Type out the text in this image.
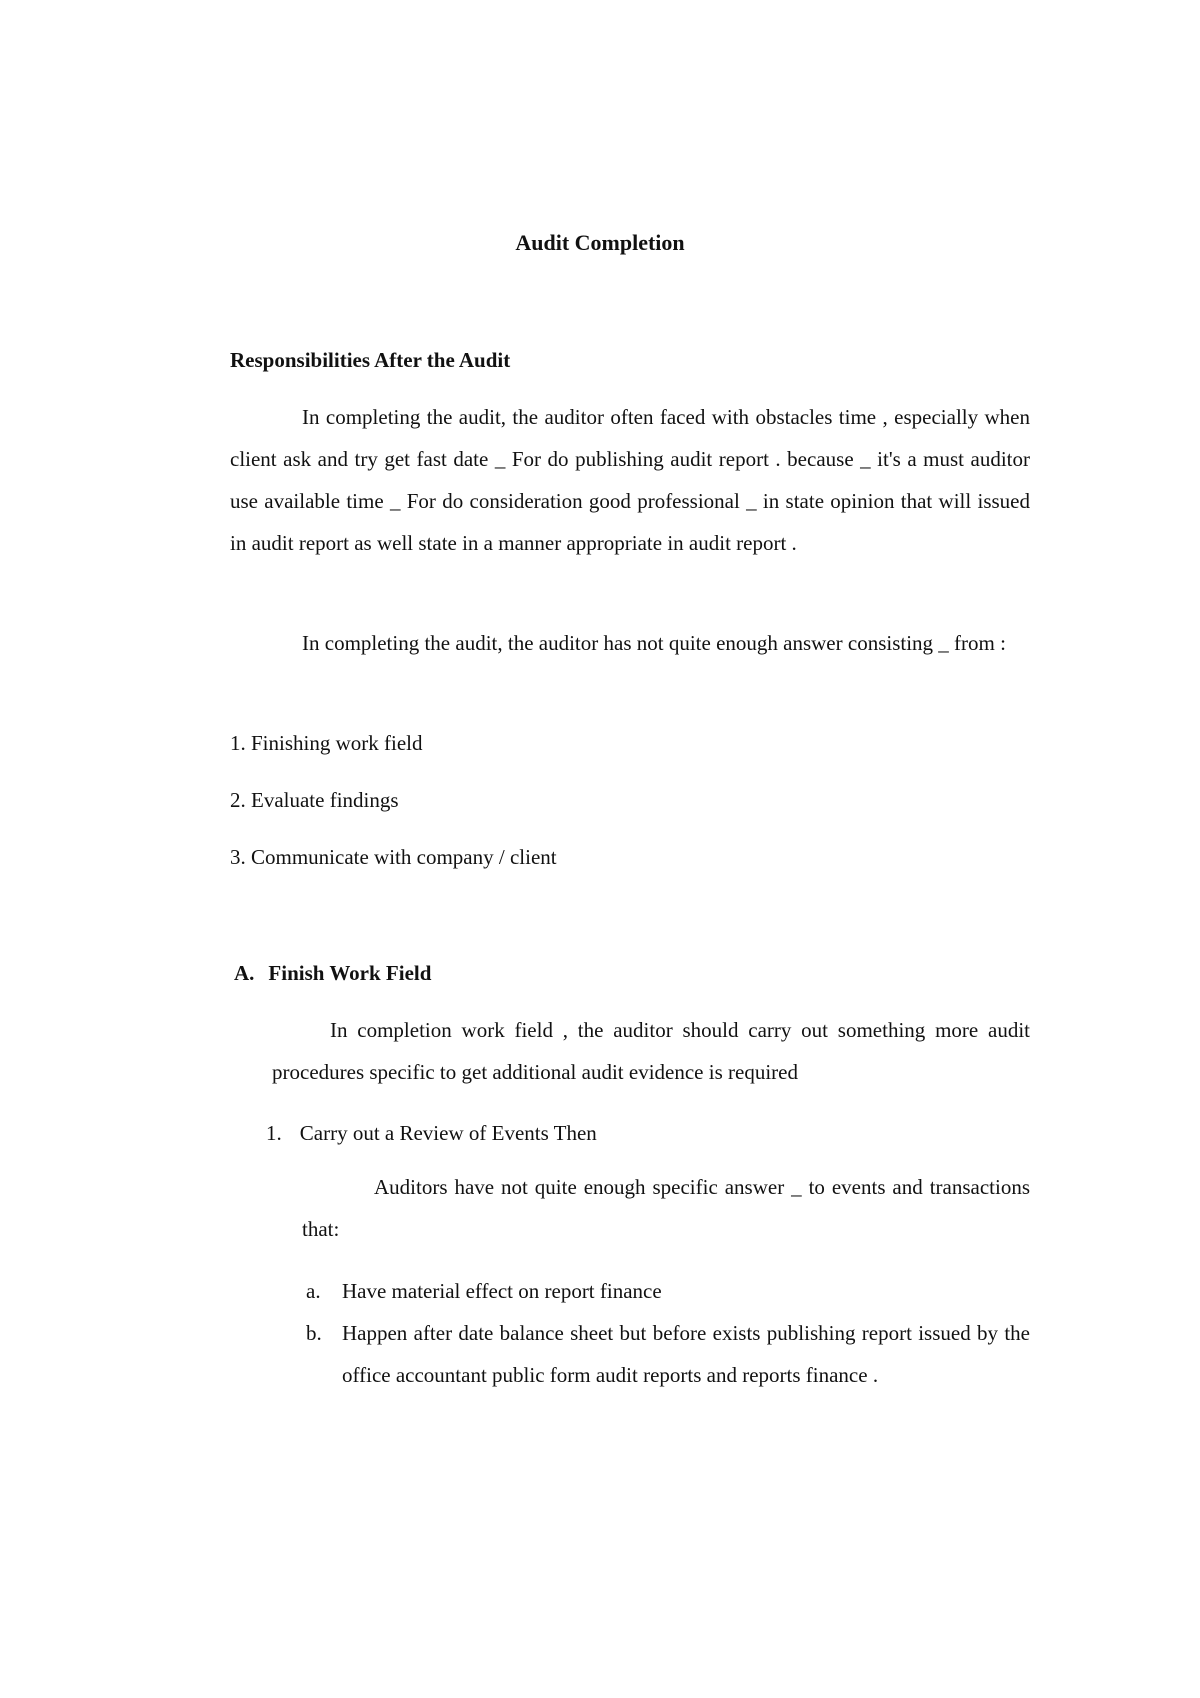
Audit Completion
Responsibilities After the Audit

In completing the audit, the auditor often faced with obstacles time , especially when client ask and try get fast date _ For do publishing audit report . because _ it's a must auditor use available time _ For do consideration good professional _ in state opinion that will issued in audit report as well state in a manner appropriate in audit report .

In completing the audit, the auditor has not quite enough answer consisting _ from :

1. Finishing work field

2. Evaluate findings

3. Communicate with company / client

A. Finish Work Field

In completion work field , the auditor should carry out something more audit procedures specific to get additional audit evidence is required

1. Carry out a Review of Events Then

Auditors have not quite enough specific answer _ to events and transactions that:

a.	Have material effect on report finance
b. Happen after date balance sheet but before exists publishing report issued by the office accountant public form audit reports and reports finance .
